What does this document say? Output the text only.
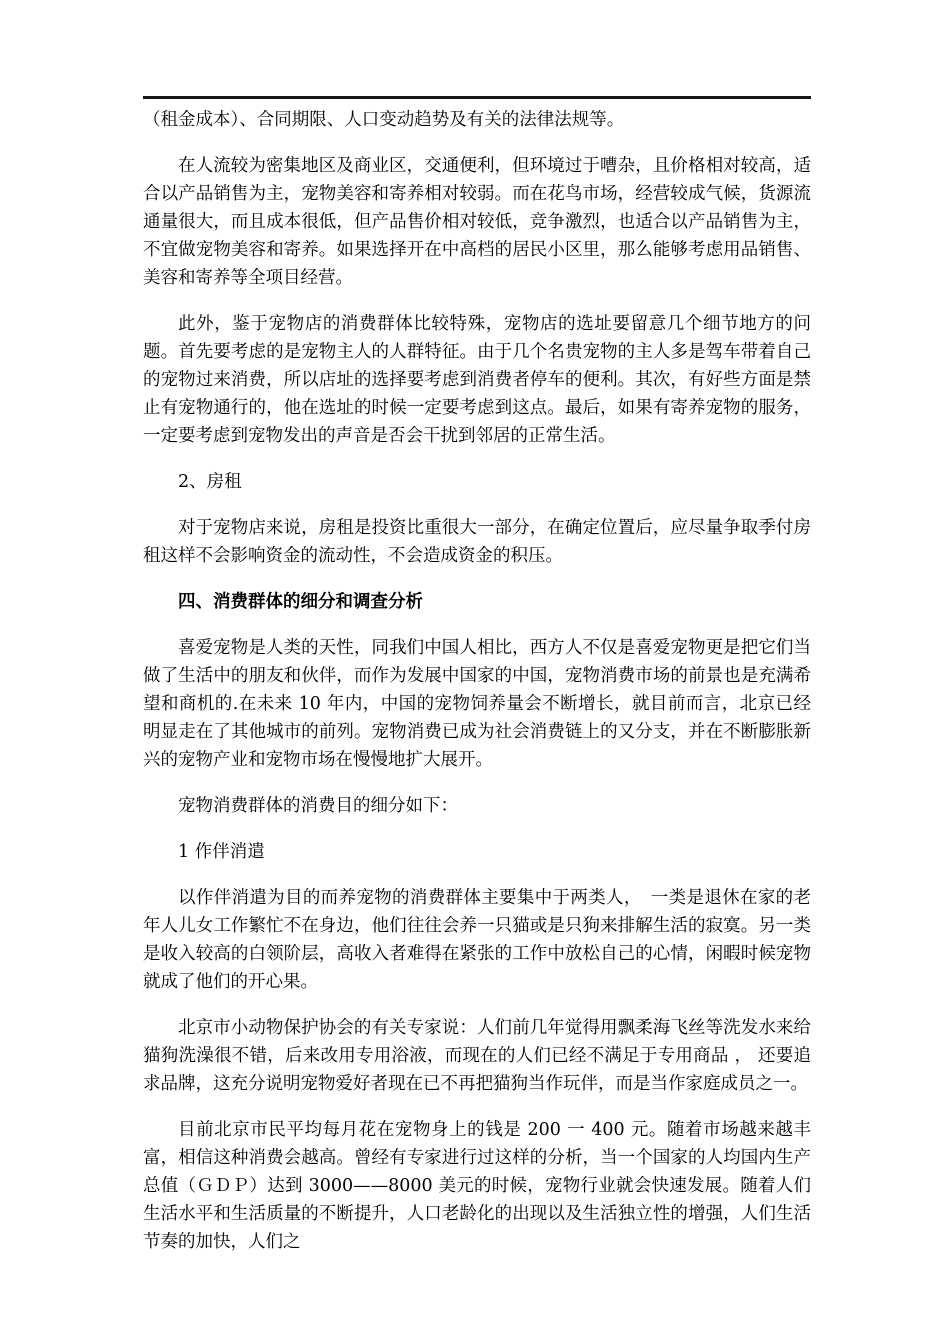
（租金成本）、合同期限、人口变动趋势及有关的法律法规等。

在人流较为密集地区及商业区，交通便利，但环境过于嘈杂，且价格相对较高，适合以产品销售为主，宠物美容和寄养相对较弱。而在花鸟市场，经营较成气候，货源流通量很大，而且成本很低，但产品售价相对较低，竞争激烈，也适合以产品销售为主，不宜做宠物美容和寄养。如果选择开在中高档的居民小区里，那么能够考虑用品销售、美容和寄养等全项目经营。

此外，鉴于宠物店的消费群体比较特殊，宠物店的选址要留意几个细节地方的问题。首先要考虑的是宠物主人的人群特征。由于几个名贵宠物的主人多是驾车带着自己的宠物过来消费，所以店址的选择要考虑到消费者停车的便利。其次，有好些方面是禁止有宠物通行的，他在选址的时候一定要考虑到这点。最后，如果有寄养宠物的服务，一定要考虑到宠物发出的声音是否会干扰到邻居的正常生活。

2、房租

对于宠物店来说，房租是投资比重很大一部分，在确定位置后，应尽量争取季付房租这样不会影响资金的流动性，不会造成资金的积压。

四、消费群体的细分和调查分析

喜爱宠物是人类的天性，同我们中国人相比，西方人不仅是喜爱宠物更是把它们当做了生活中的朋友和伙伴，而作为发展中国家的中国，宠物消费市场的前景也是充满希望和商机的.在未来 10 年内，中国的宠物饲养量会不断增长，就目前而言，北京已经明显走在了其他城市的前列。宠物消费已成为社会消费链上的又分支，并在不断膨胀新兴的宠物产业和宠物市场在慢慢地扩大展开。

宠物消费群体的消费目的细分如下：

1 作伴消遣

以作伴消遣为目的而养宠物的消费群体主要集中于两类人，　一类是退休在家的老年人儿女工作繁忙不在身边，他们往往会养一只猫或是只狗来排解生活的寂寞。另一类是收入较高的白领阶层，高收入者难得在紧张的工作中放松自己的心情，闲暇时候宠物就成了他们的开心果。

北京市小动物保护协会的有关专家说：人们前几年觉得用飘柔海飞丝等洗发水来给猫狗洗澡很不错，后来改用专用浴液，而现在的人们已经不满足于专用商品 ， 还要追求品牌，这充分说明宠物爱好者现在已不再把猫狗当作玩伴，而是当作家庭成员之一。

目前北京市民平均每月花在宠物身上的钱是 200 一 400 元。随着市场越来越丰富，相信这种消费会越高。曾经有专家进行过这样的分析，当一个国家的人均国内生产总值（ＧＤＰ）达到 3000——8000 美元的时候，宠物行业就会快速发展。随着人们生活水平和生活质量的不断提升，人口老龄化的出现以及生活独立性的增强，人们生活节奏的加快，人们之
